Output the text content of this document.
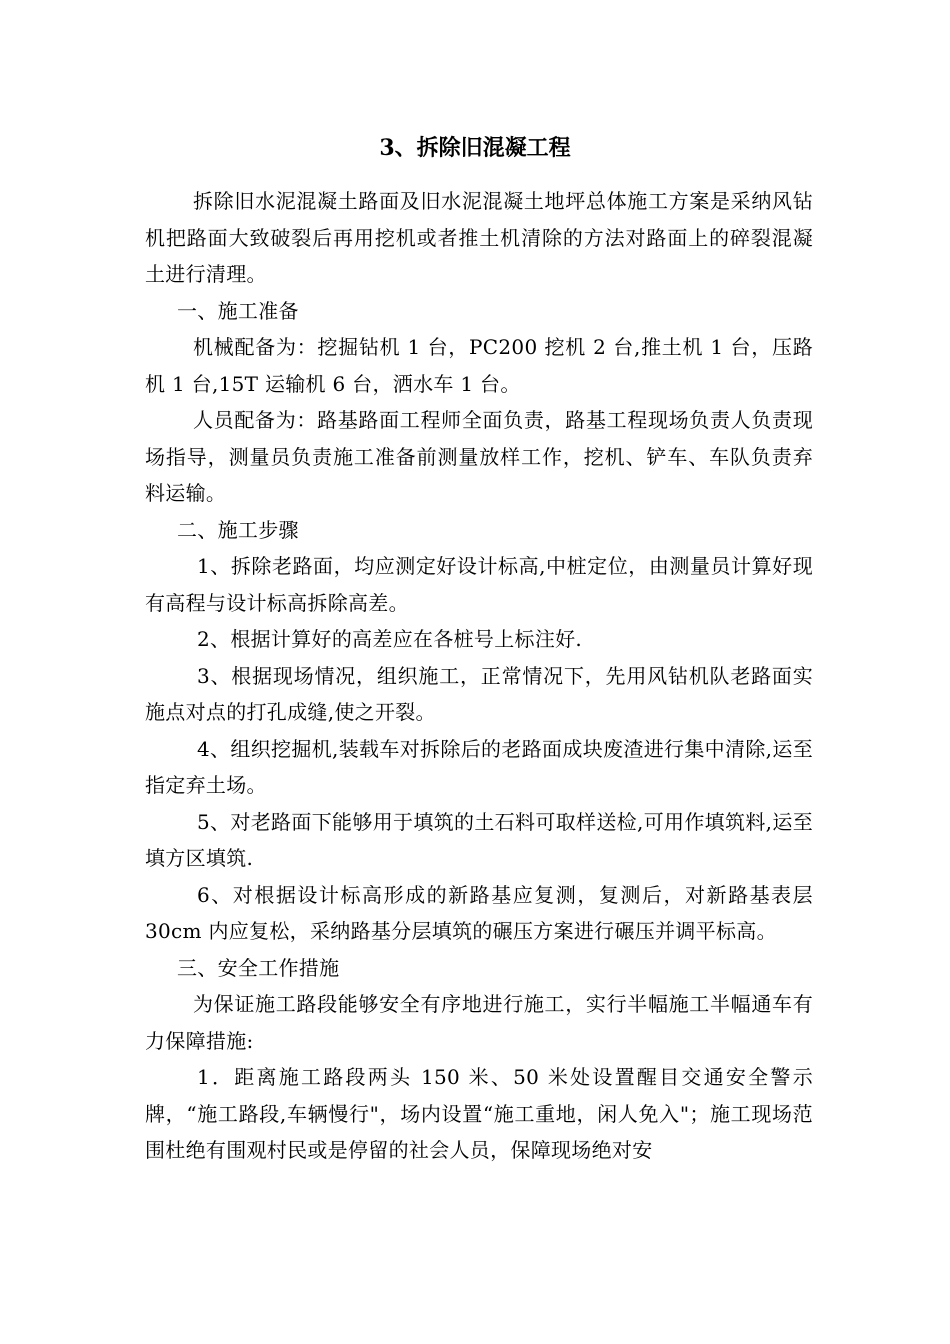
3、拆除旧混凝工程

拆除旧水泥混凝土路面及旧水泥混凝土地坪总体施工方案是采纳风钻机把路面大致破裂后再用挖机或者推土机清除的方法对路面上的碎裂混凝土进行清理。

一、施工准备

机械配备为：挖掘钻机 1 台，PC200 挖机 2 台,推土机 1 台，压路机 1 台,15T 运输机 6 台，洒水车 1 台。

人员配备为：路基路面工程师全面负责，路基工程现场负责人负责现场指导，测量员负责施工准备前测量放样工作，挖机、铲车、车队负责弃料运输。

二、施工步骤

1、拆除老路面，均应测定好设计标高,中桩定位，由测量员计算好现有高程与设计标高拆除高差。

2、根据计算好的高差应在各桩号上标注好.

3、根据现场情况，组织施工，正常情况下，先用风钻机队老路面实施点对点的打孔成缝,使之开裂。

4、组织挖掘机,装载车对拆除后的老路面成块废渣进行集中清除,运至指定弃土场。

5、对老路面下能够用于填筑的土石料可取样送检,可用作填筑料,运至填方区填筑.

6、对根据设计标高形成的新路基应复测，复测后，对新路基表层 30cm 内应复松，采纳路基分层填筑的碾压方案进行碾压并调平标高。

三、安全工作措施

为保证施工路段能够安全有序地进行施工，实行半幅施工半幅通车有力保障措施:

1．距离施工路段两头 150 米、50 米处设置醒目交通安全警示牌，“施工路段,车辆慢行"，场内设置“施工重地，闲人免入"；施工现场范围杜绝有围观村民或是停留的社会人员，保障现场绝对安
